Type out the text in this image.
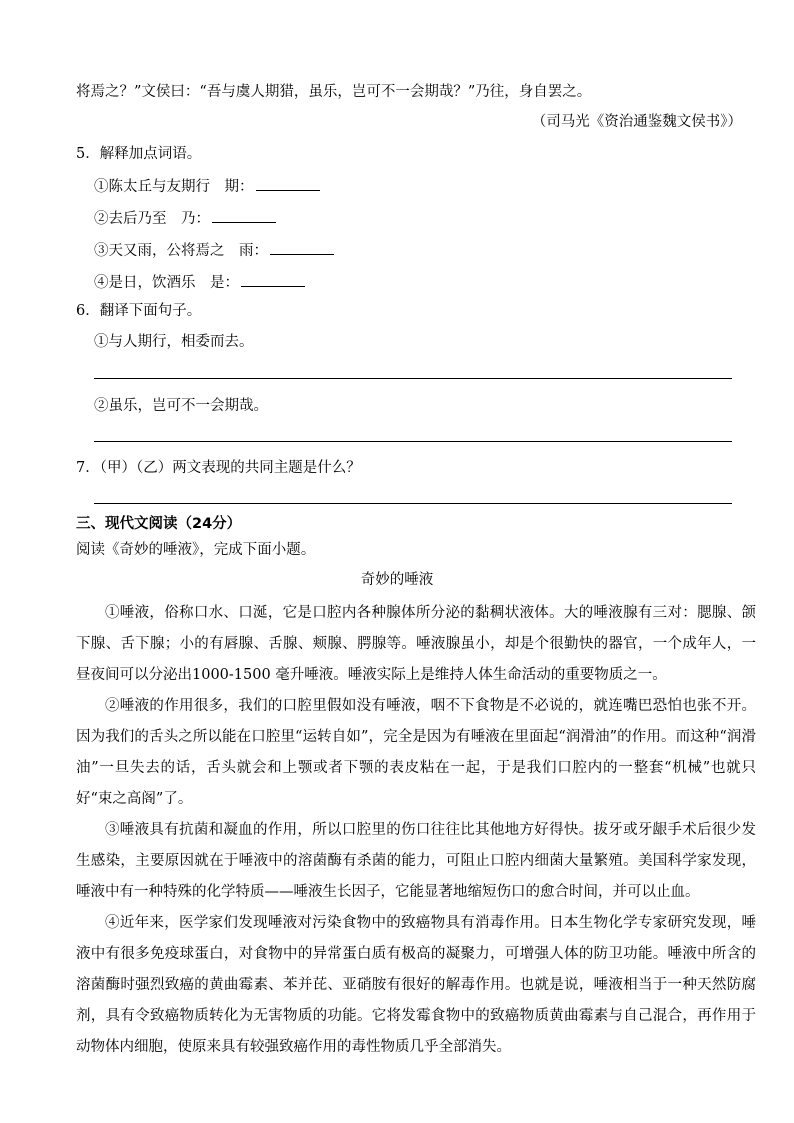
将焉之？”文侯曰：“吾与虞人期猎，虽乐，岂可不一会期哉？”乃往，身自罢之。
（司马光《资治通鉴魏文侯书》）
5．解释加点词语。
①陈太丘与友期行　期：
②去后乃至　乃：
③天又雨，公将焉之　雨：
④是日，饮酒乐　是：
6．翻译下面句子。
①与人期行，相委而去。
②虽乐，岂可不一会期哉。
7．（甲）（乙）两文表现的共同主题是什么？
三、现代文阅读（24分）
阅读《奇妙的唾液》，完成下面小题。
奇妙的唾液
①唾液，俗称口水、口涎，它是口腔内各种腺体所分泌的黏稠状液体。大的唾液腺有三对：腮腺、颌下腺、舌下腺；小的有唇腺、舌腺、颊腺、腭腺等。唾液腺虽小，却是个很勤快的器官，一个成年人，一昼夜间可以分泌出1000-1500 毫升唾液。唾液实际上是维持人体生命活动的重要物质之一。
②唾液的作用很多，我们的口腔里假如没有唾液，咽不下食物是不必说的，就连嘴巴恐怕也张不开。因为我们的舌头之所以能在口腔里“运转自如”，完全是因为有唾液在里面起“润滑油”的作用。而这种“润滑油”一旦失去的话，舌头就会和上颚或者下颚的表皮粘在一起，于是我们口腔内的一整套“机械”也就只好“束之高阁”了。
③唾液具有抗菌和凝血的作用，所以口腔里的伤口往往比其他地方好得快。拔牙或牙龈手术后很少发生感染，主要原因就在于唾液中的溶菌酶有杀菌的能力，可阻止口腔内细菌大量繁殖。美国科学家发现，唾液中有一种特殊的化学特质——唾液生长因子，它能显著地缩短伤口的愈合时间，并可以止血。
④近年来，医学家们发现唾液对污染食物中的致癌物具有消毒作用。日本生物化学专家研究发现，唾液中有很多免疫球蛋白，对食物中的异常蛋白质有极高的凝聚力，可增强人体的防卫功能。唾液中所含的溶菌酶时强烈致癌的黄曲霉素、苯并芘、亚硝胺有很好的解毒作用。也就是说，唾液相当于一种天然防腐剂，具有令致癌物质转化为无害物质的功能。它将发霉食物中的致癌物质黄曲霉素与自己混合，再作用于动物体内细胞，使原来具有较强致癌作用的毒性物质几乎全部消失。
